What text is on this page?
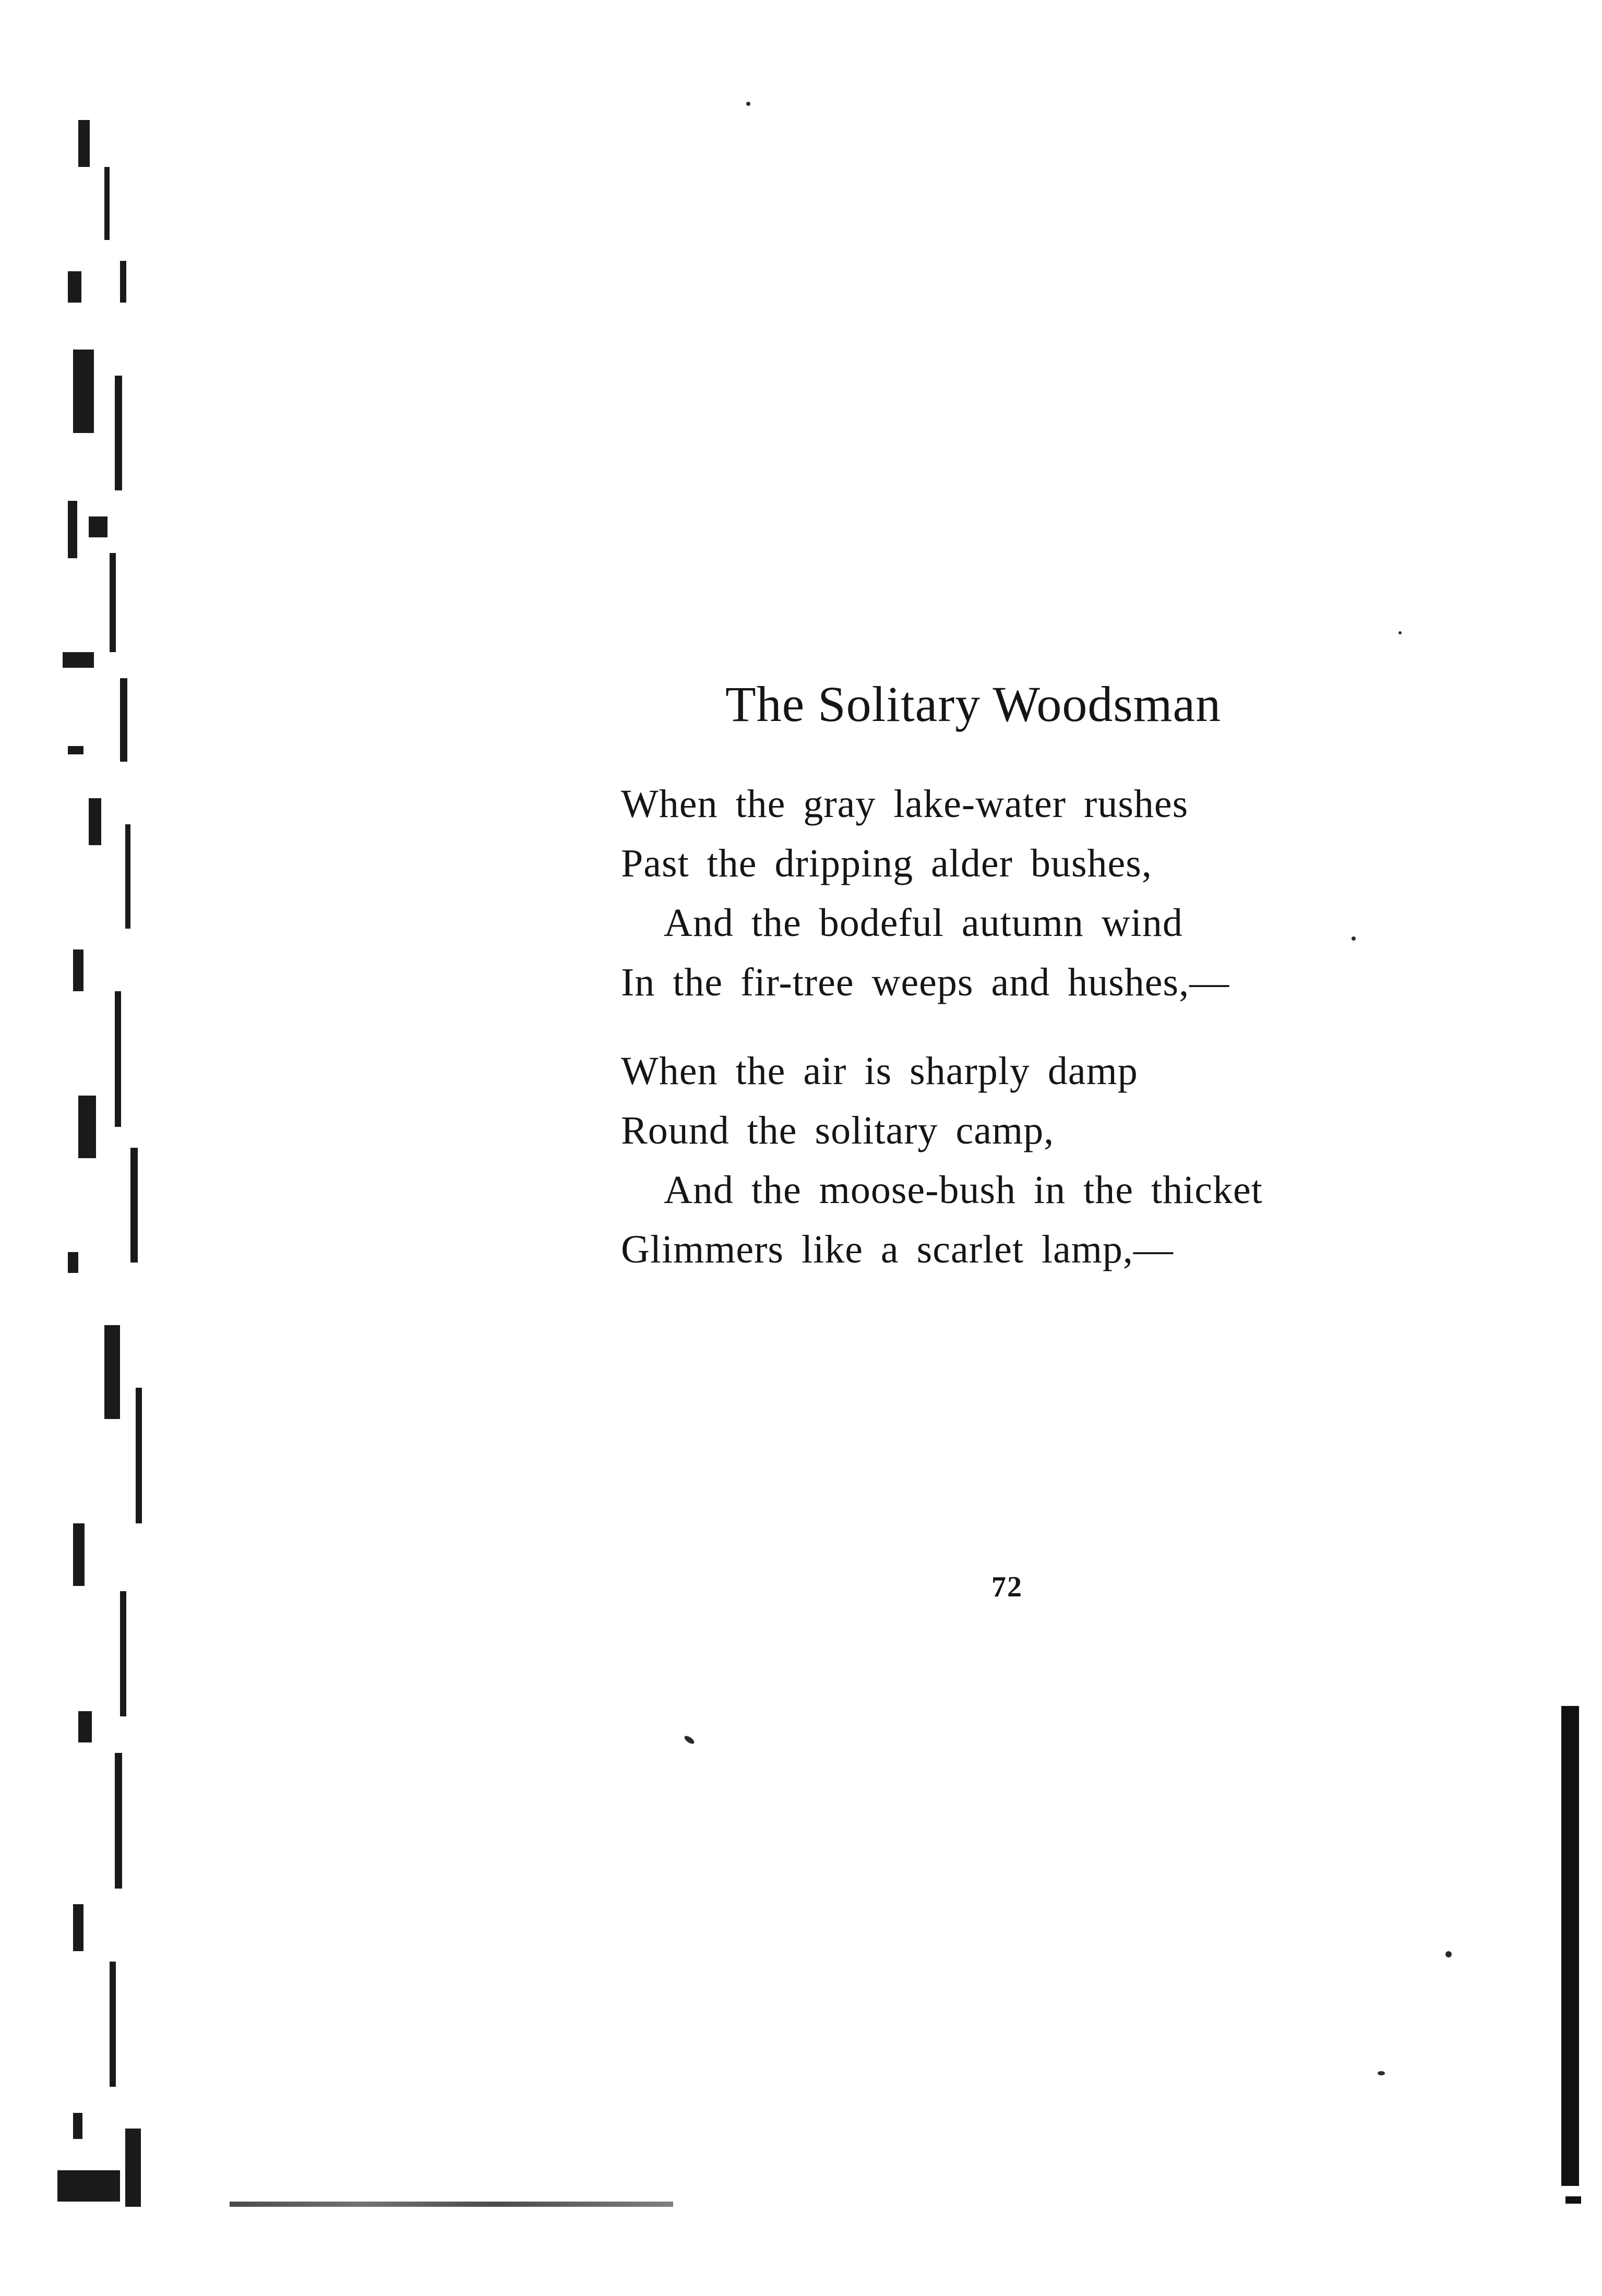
The Solitary Woodsman
When the gray lake-water rushes
Past the dripping alder bushes,
And the bodeful autumn wind
In the fir-tree weeps and hushes,—
When the air is sharply damp
Round the solitary camp,
And the moose-bush in the thicket
Glimmers like a scarlet lamp,—
72
